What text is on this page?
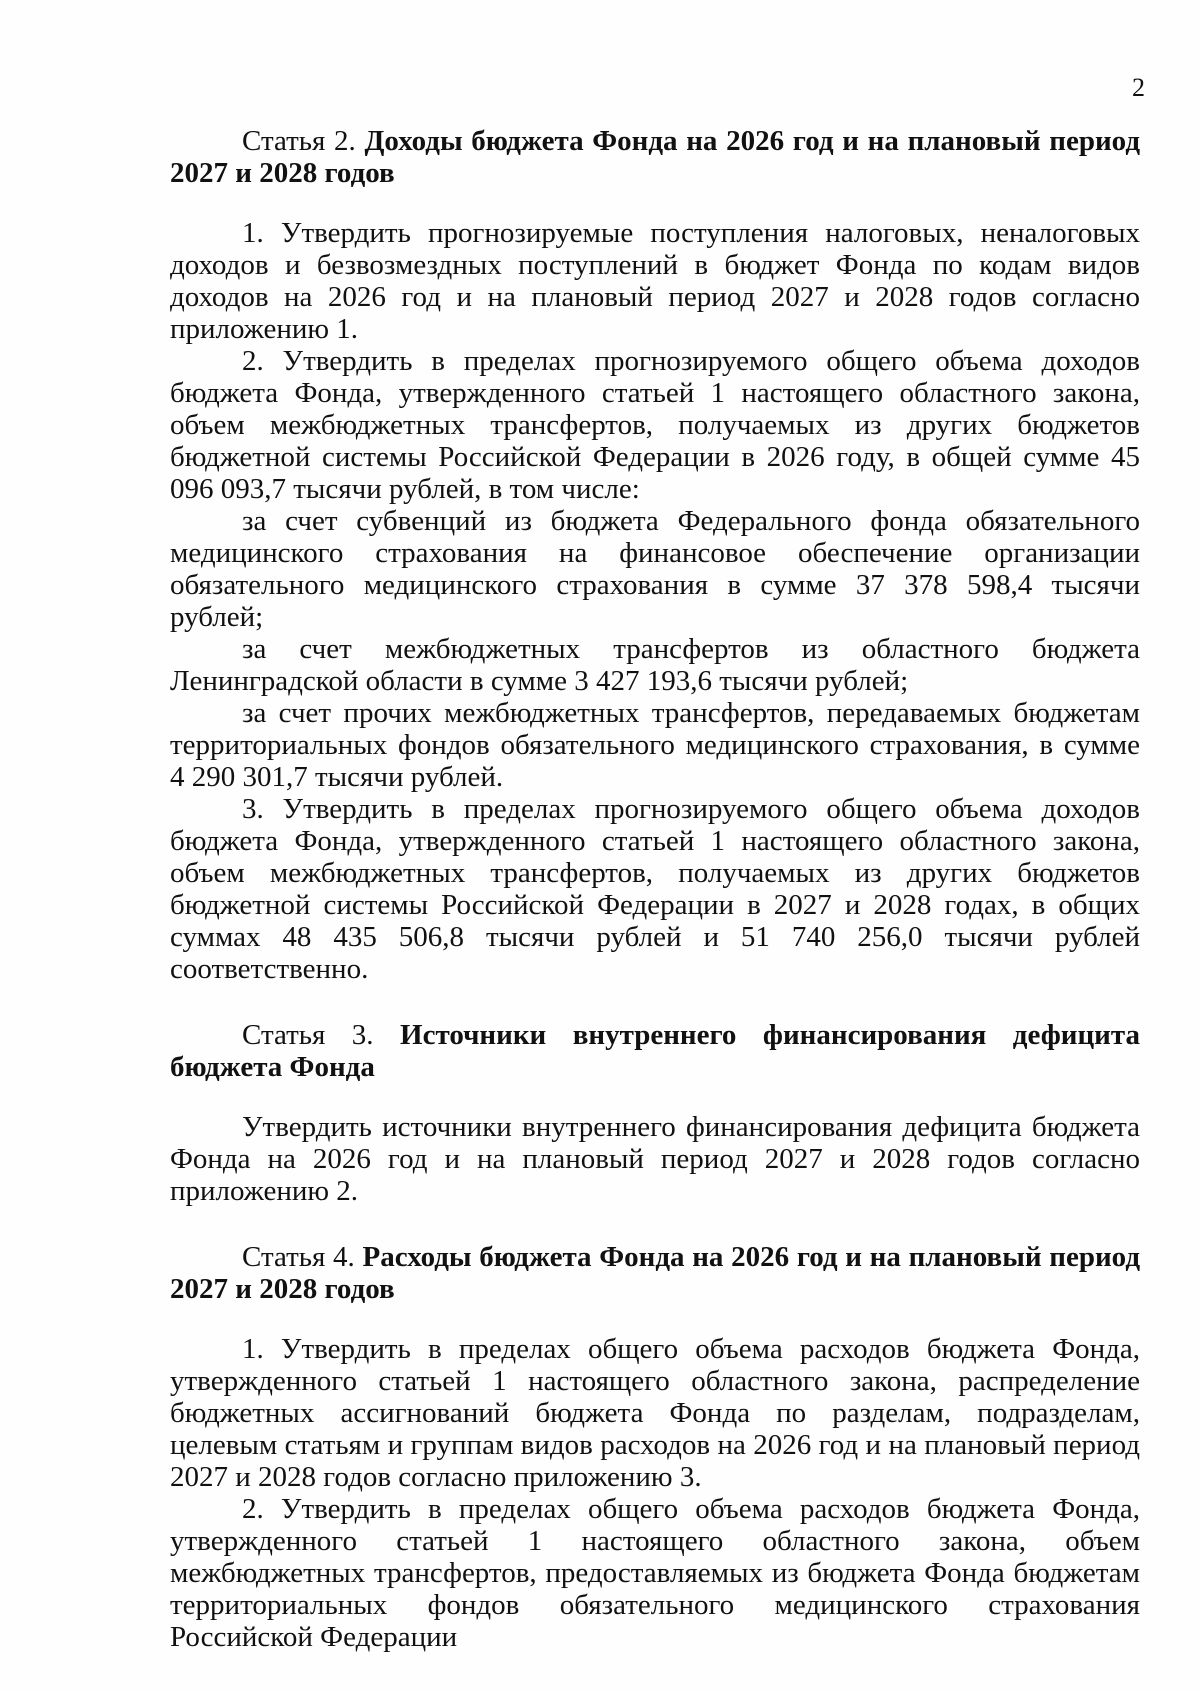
2
Статья 2. Доходы бюджета Фонда на 2026 год и на плановый период 2027 и 2028 годов

1. Утвердить прогнозируемые поступления налоговых, неналоговых доходов и безвозмездных поступлений в бюджет Фонда по кодам видов доходов на 2026 год и на плановый период 2027 и 2028 годов согласно приложению 1.

2. Утвердить в пределах прогнозируемого общего объема доходов бюджета Фонда, утвержденного статьей 1 настоящего областного закона, объем межбюджетных трансфертов, получаемых из других бюджетов бюджетной системы Российской Федерации в 2026 году, в общей сумме 45 096 093,7 тысячи рублей, в том числе:

за счет субвенций из бюджета Федерального фонда обязательного медицинского страхования на финансовое обеспечение организации обязательного медицинского страхования в сумме 37 378 598,4 тысячи рублей;

за счет межбюджетных трансфертов из областного бюджета Ленинградской области в сумме 3 427 193,6 тысячи рублей;

за счет прочих межбюджетных трансфертов, передаваемых бюджетам территориальных фондов обязательного медицинского страхования, в сумме 4 290 301,7 тысячи рублей.

3. Утвердить в пределах прогнозируемого общего объема доходов бюджета Фонда, утвержденного статьей 1 настоящего областного закона, объем межбюджетных трансфертов, получаемых из других бюджетов бюджетной системы Российской Федерации в 2027 и 2028 годах, в общих суммах 48 435 506,8 тысячи рублей и 51 740 256,0 тысячи рублей соответственно.

Статья 3. Источники внутреннего финансирования дефицита бюджета Фонда

Утвердить источники внутреннего финансирования дефицита бюджета Фонда на 2026 год и на плановый период 2027 и 2028 годов согласно приложению 2.

Статья 4. Расходы бюджета Фонда на 2026 год и на плановый период 2027 и 2028 годов

1. Утвердить в пределах общего объема расходов бюджета Фонда, утвержденного статьей 1 настоящего областного закона, распределение бюджетных ассигнований бюджета Фонда по разделам, подразделам, целевым статьям и группам видов расходов на 2026 год и на плановый период 2027 и 2028 годов согласно приложению 3.

2. Утвердить в пределах общего объема расходов бюджета Фонда, утвержденного статьей 1 настоящего областного закона, объем межбюджетных трансфертов, предоставляемых из бюджета Фонда бюджетам территориальных фондов обязательного медицинского страхования Российской Федерации
